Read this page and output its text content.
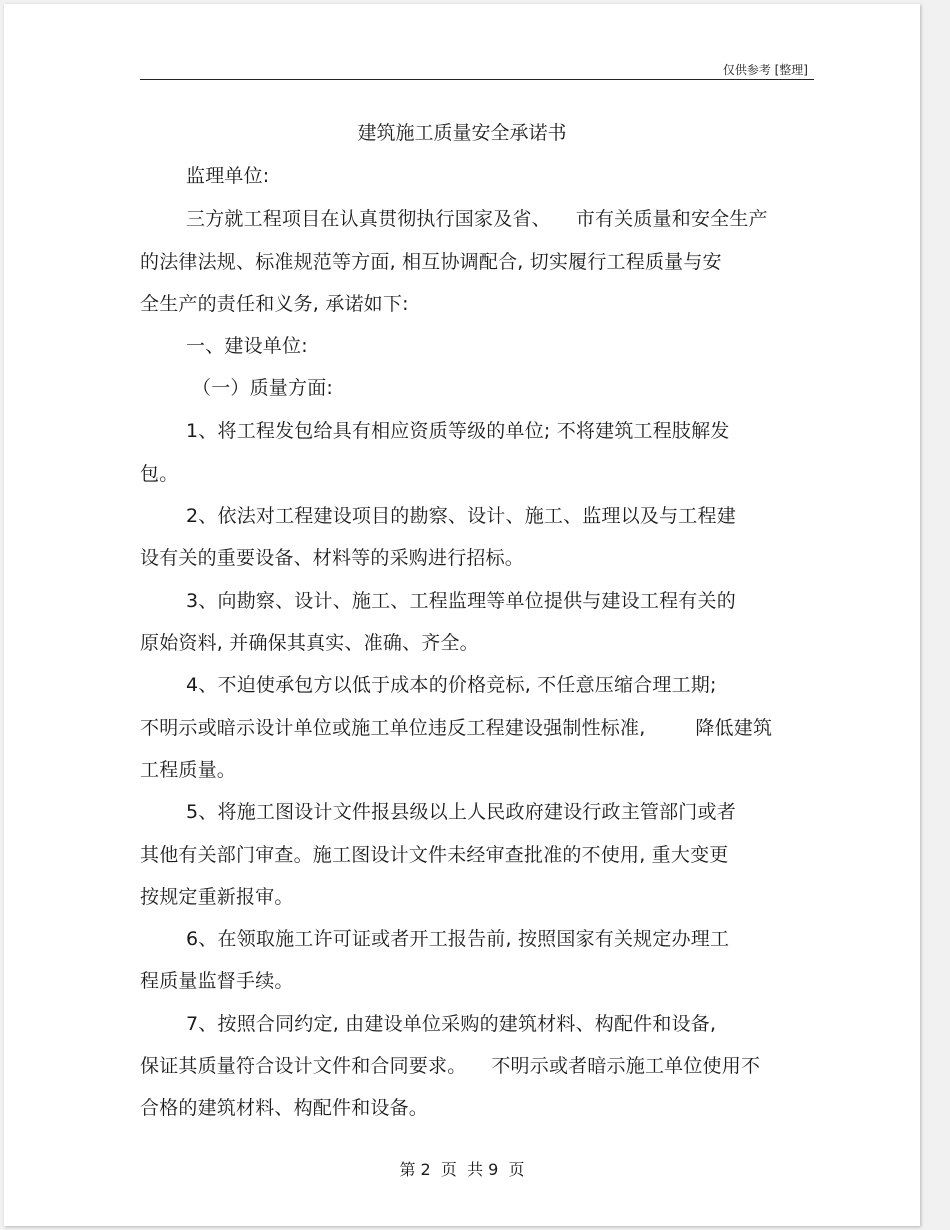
仅供参考 [整理]
建筑施工质量安全承诺书
监理单位:
三方就工程项目在认真贯彻执行国家及省、    市有关质量和安全生产
的法律法规、标准规范等方面, 相互协调配合, 切实履行工程质量与安
全生产的责任和义务, 承诺如下:
一、建设单位:
（一）质量方面:
1、将工程发包给具有相应资质等级的单位; 不将建筑工程肢解发
包。
2、依法对工程建设项目的勘察、设计、施工、监理以及与工程建
设有关的重要设备、材料等的采购进行招标。
3、向勘察、设计、施工、工程监理等单位提供与建设工程有关的
原始资料, 并确保其真实、准确、齐全。
4、不迫使承包方以低于成本的价格竞标, 不任意压缩合理工期;
不明示或暗示设计单位或施工单位违反工程建设强制性标准,        降低建筑
工程质量。
5、将施工图设计文件报县级以上人民政府建设行政主管部门或者
其他有关部门审查。施工图设计文件未经审查批准的不使用, 重大变更
按规定重新报审。
6、在领取施工许可证或者开工报告前, 按照国家有关规定办理工
程质量监督手续。
7、按照合同约定, 由建设单位采购的建筑材料、构配件和设备,
保证其质量符合设计文件和合同要求。    不明示或者暗示施工单位使用不
合格的建筑材料、构配件和设备。
第 2  页  共 9  页
